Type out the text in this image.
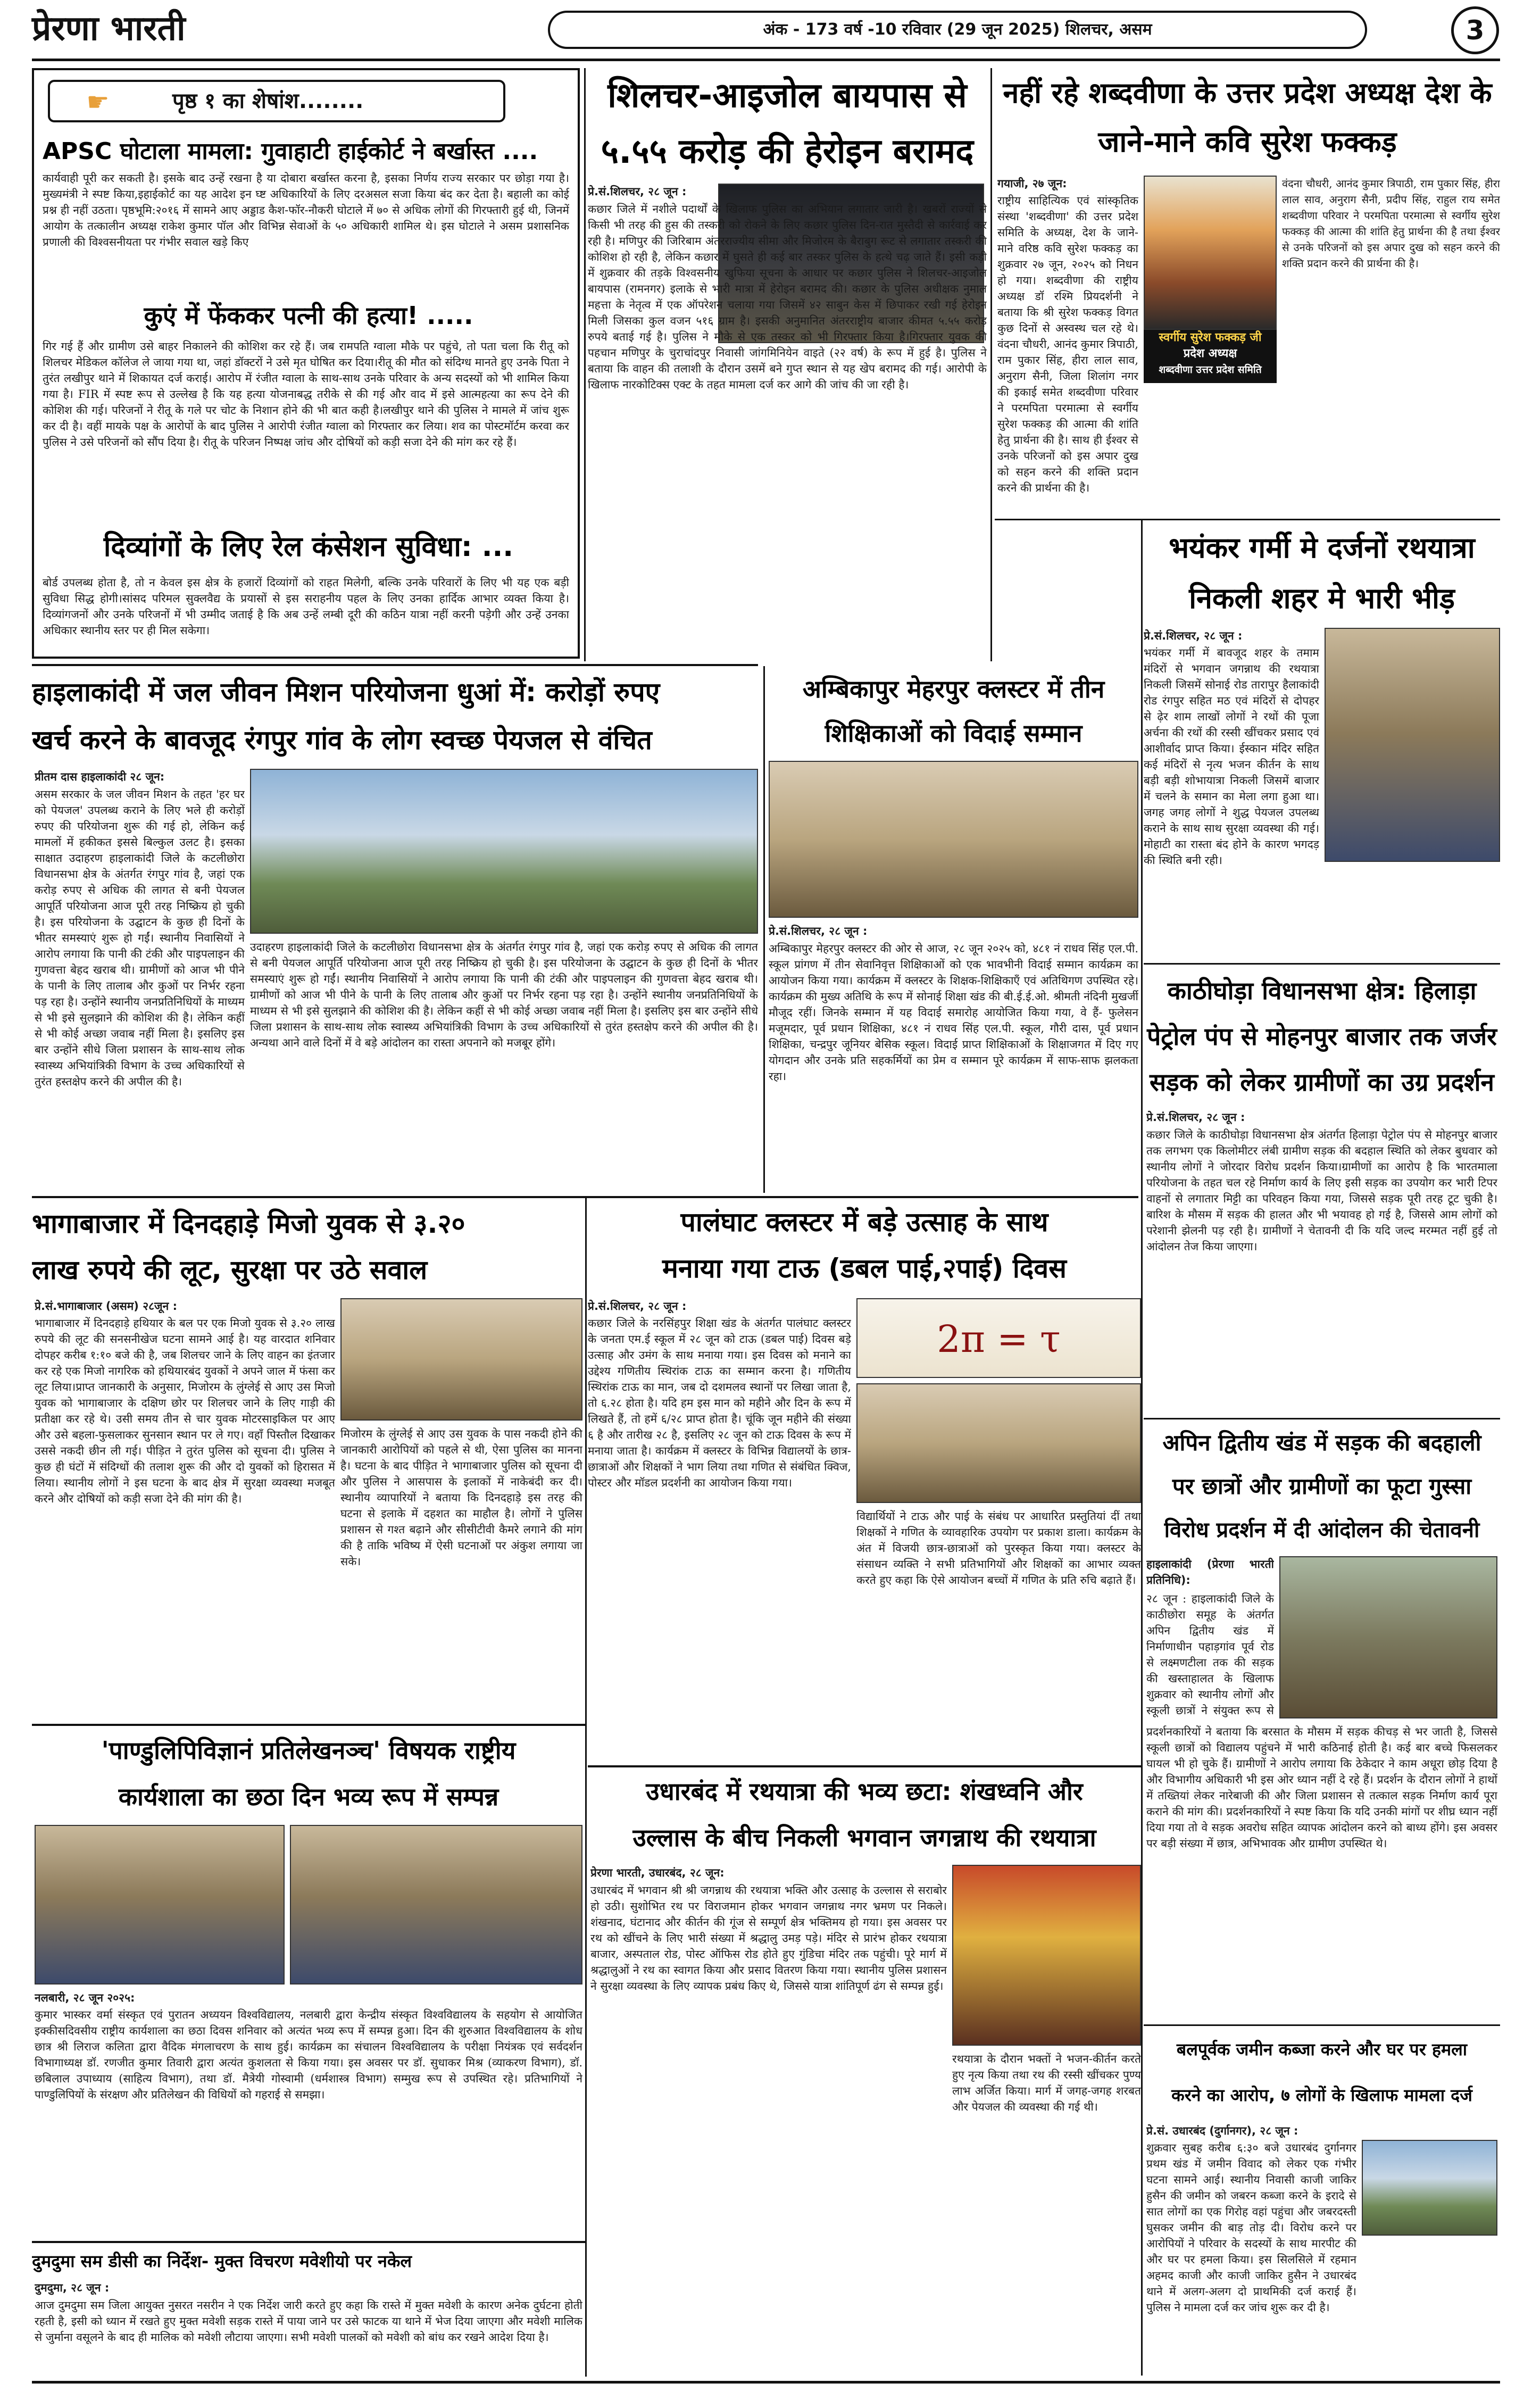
प्रेरणा भारती	अंक - 173 वर्ष -10 रविवार (29 जून 2025) शिलचर, असम	3
☛	पृष्ठ १ का शेषांश........
APSC घोटाला मामला: गुवाहाटी हाईकोर्ट ने बर्खास्त ....
कार्यवाही पूरी कर सकती है। इसके बाद उन्हें रखना है या दोबारा बर्खास्त करना है, इसका निर्णय राज्य सरकार पर छोड़ा गया है।मुख्यमंत्री ने स्पष्ट किया,इहाईकोर्ट का यह आदेश इन घ्ष्ट अधिकारियों के लिए दरअसल सजा किया बंद कर देता है। बहाली का कोई प्रश्न ही नहीं उठता। पृष्ठभूमि:२०१६ में सामने आए अड्डाड कैश-फॉर-नौकरी घोटाले में ७० से अधिक लोगों की गिरफ्तारी हुई थी, जिनमें आयोग के तत्कालीन अध्यक्ष राकेश कुमार पॉल और विभिन्न सेवाओं के ५० अधिकारी शामिल थे। इस घोटाले ने असम प्रशासनिक प्रणाली की विश्वसनीयता पर गंभीर सवाल खड़े किए
कुएं में फेंककर पत्नी की हत्या! .....
गिर गई हैं और ग्रामीण उसे बाहर निकालने की कोशिश कर रहे हैं। जब रामपति ग्वाला मौके पर पहुंचे, तो पता चला कि रीतू को शिलचर मेडिकल कॉलेज ले जाया गया था, जहां डॉक्टरों ने उसे मृत घोषित कर दिया।रीतू की मौत को संदिग्ध मानते हुए उनके पिता ने तुरंत लखीपुर थाने में शिकायत दर्ज कराई। आरोप में रंजीत ग्वाला के साथ-साथ उनके परिवार के अन्य सदस्यों को भी शामिल किया गया है। FIR में स्पष्ट रूप से उल्लेख है कि यह हत्या योजनाबद्ध तरीके से की गई और वाद में इसे आत्महत्या का रूप देने की कोशिश की गई। परिजनों ने रीतू के गले पर चोट के निशान होने की भी बात कही है।लखीपुर थाने की पुलिस ने मामले में जांच शुरू कर दी है। वहीं मायके पक्ष के आरोपों के बाद पुलिस ने आरोपी रंजीत ग्वाला को गिरफ्तार कर लिया। शव का पोस्टमॉर्टम करवा कर पुलिस ने उसे परिजनों को सौंप दिया है। रीतू के परिजन निष्पक्ष जांच और दोषियों को कड़ी सजा देने की मांग कर रहे हैं।
दिव्यांगों के लिए रेल कंसेशन सुविधा: ...
बोर्ड उपलब्ध होता है, तो न केवल इस क्षेत्र के हजारों दिव्यांगों को राहत मिलेगी, बल्कि उनके परिवारों के लिए भी यह एक बड़ी सुविधा सिद्ध होगी।सांसद परिमल सुक्लवैद्य के प्रयासों से इस सराहनीय पहल के लिए उनका हार्दिक आभार व्यक्त किया है। दिव्यांगजनों और उनके परिजनों में भी उम्मीद जताई है कि अब उन्हें लम्बी दूरी की कठिन यात्रा नहीं करनी पड़ेगी और उन्हें उनका अधिकार स्थानीय स्तर पर ही मिल सकेगा।
शिलचर-आइजोल बायपास से
५.५५ करोड़ की हेरोइन बरामद
प्रे.सं.शिलचर, २८ जून :
कछार जिले में नशीले पदार्थों के खिलाफ पुलिस का अभियान लगातार जारी है। खबरों राज्यों से किसी भी तरह की हुस की तस्करी को रोकने के लिए कछार पुलिस दिन-रात मुस्तैदी से कार्रवाई कर रही है। मणिपुर की जिरिबाम अंतरराज्यीय सीमा और मिजोरम के बैराबुग रूट से लगातार तस्करी की कोशिश हो रही है, लेकिन कछार में घुसते ही कई बार तस्कर पुलिस के हत्थे चढ़ जाते हैं। इसी कड़ी में शुक्रवार की तड़के विश्वसनीय खुफिया सूचना के आधार पर कछार पुलिस ने शिलचर-आइजोल बायपास (रामनगर) इलाके से भारी मात्रा में हेरोइन बरामद की। कछार के पुलिस अधीक्षक नुमाल महत्ता के नेतृत्व में एक ऑपरेशन चलाया गया जिसमें ४२ साबुन केस में छिपाकर रखी गई हेरोइन मिली जिसका कुल वजन ५१६ ग्राम है। इसकी अनुमानित अंतरराष्ट्रीय बाजार कीमत ५.५५ करोड़ रुपये बताई गई है। पुलिस ने मौके से एक तस्कर को भी गिरफ्तार किया है।गिरफ्तार युवक की पहचान मणिपुर के चुराचांदपुर निवासी जांगमिनियेन वाइते (२२ वर्ष) के रूप में हुई है। पुलिस ने बताया कि वाहन की तलाशी के दौरान उसमें बने गुप्त स्थान से यह खेप बरामद की गई। आरोपी के खिलाफ नारकोटिक्स एक्ट के तहत मामला दर्ज कर आगे की जांच की जा रही है।
नहीं रहे शब्दवीणा के उत्तर प्रदेश अध्यक्ष देश के
जाने-माने कवि सुरेश फक्कड़
स्वर्गीय सुरेश फक्कड़ जी
प्रदेश अध्यक्ष
शब्दवीणा उत्तर प्रदेश समिति
गयाजी, २७ जून:
राष्ट्रीय साहित्यिक एवं सांस्कृतिक संस्था 'शब्दवीणा' की उत्तर प्रदेश समिति के अध्यक्ष, देश के जाने-माने वरिष्ठ कवि सुरेश फक्कड़ का शुक्रवार २७ जून, २०२५ को निधन हो गया। शब्दवीणा की राष्ट्रीय अध्यक्ष डॉ रश्मि प्रियदर्शनी ने बताया कि श्री सुरेश फक्कड़ विगत कुछ दिनों से अस्वस्थ चल रहे थे। वंदना चौधरी, आनंद कुमार त्रिपाठी, राम पुकार सिंह, हीरा लाल साव, अनुराग सैनी, जिला शिलांग नगर की इकाई समेत शब्दवीणा परिवार ने परमपिता परमात्मा से स्वर्गीय सुरेश फक्कड़ की आत्मा की शांति हेतु प्रार्थना की है। साथ ही ईश्वर से उनके परिजनों को इस अपार दुख को सहन करने की शक्ति प्रदान करने की प्रार्थना की है।
वंदना चौधरी, आनंद कुमार त्रिपाठी, राम पुकार सिंह, हीरा लाल साव, अनुराग सैनी, प्रदीप सिंह, राहुल राय समेत शब्दवीणा परिवार ने परमपिता परमात्मा से स्वर्गीय सुरेश फक्कड़ की आत्मा की शांति हेतु प्रार्थना की है तथा ईश्वर से उनके परिजनों को इस अपार दुख को सहन करने की शक्ति प्रदान करने की प्रार्थना की है।
भयंकर गर्मी मे दर्जनों रथयात्रा
निकली शहर मे भारी भीड़
प्रे.सं.शिलचर, २८ जून :
भयंकर गर्मी में बावजूद शहर के तमाम मंदिरों से भगवान जगन्नाथ की रथयात्रा निकली जिसमें सोनाई रोड तारापुर हैलाकांदी रोड रंगपुर सहित मठ एवं मंदिरों से दोपहर से ढ़ेर शाम लाखों लोगों ने रथों की पूजा अर्चना की रथों की रस्सी खींचकर प्रसाद एवं आशीर्वाद प्राप्त किया। ईस्कान मंदिर सहित कई मंदिरों से नृत्य भजन कीर्तन के साथ बड़ी बड़ी शोभायात्रा निकली जिसमें बाजार में चलने के समान का मेला लगा हुआ था। जगह जगह लोगों ने शुद्ध पेयजल उपलब्ध कराने के साथ साथ सुरक्षा व्यवस्था की गई। मोहाटी का रास्ता बंद होने के कारण भगदड़ की स्थिति बनी रही।
हाइलाकांदी में जल जीवन मिशन परियोजना धुआं में: करोड़ों रुपए
खर्च करने के बावजूद रंगपुर गांव के लोग स्वच्छ पेयजल से वंचित
प्रीतम दास हाइलाकांदी २८ जून:
असम सरकार के जल जीवन मिशन के तहत 'हर घर को पेयजल' उपलब्ध कराने के लिए भले ही करोड़ों रुपए की परियोजना शुरू की गई हो, लेकिन कई मामलों में हकीकत इससे बिल्कुल उलट है। इसका साक्षात उदाहरण हाइलाकांदी जिले के कटलीछोरा विधानसभा क्षेत्र के अंतर्गत रंगपुर गांव है, जहां एक करोड़ रुपए से अधिक की लागत से बनी पेयजल आपूर्ति परियोजना आज पूरी तरह निष्क्रिय हो चुकी है। इस परियोजना के उद्घाटन के कुछ ही दिनों के भीतर समस्याएं शुरू हो गईं। स्थानीय निवासियों ने आरोप लगाया कि पानी की टंकी और पाइपलाइन की गुणवत्ता बेहद खराब थी। ग्रामीणों को आज भी पीने के पानी के लिए तालाब और कुओं पर निर्भर रहना पड़ रहा है। उन्होंने स्थानीय जनप्रतिनिधियों के माध्यम से भी इसे सुलझाने की कोशिश की है। लेकिन कहीं से भी कोई अच्छा जवाब नहीं मिला है। इसलिए इस बार उन्होंने सीधे जिला प्रशासन के साथ-साथ लोक स्वास्थ्य अभियांत्रिकी विभाग के उच्च अधिकारियों से तुरंत हस्तक्षेप करने की अपील की है।
उदाहरण हाइलाकांदी जिले के कटलीछोरा विधानसभा क्षेत्र के अंतर्गत रंगपुर गांव है, जहां एक करोड़ रुपए से अधिक की लागत से बनी पेयजल आपूर्ति परियोजना आज पूरी तरह निष्क्रिय हो चुकी है। इस परियोजना के उद्घाटन के कुछ ही दिनों के भीतर समस्याएं शुरू हो गईं। स्थानीय निवासियों ने आरोप लगाया कि पानी की टंकी और पाइपलाइन की गुणवत्ता बेहद खराब थी। ग्रामीणों को आज भी पीने के पानी के लिए तालाब और कुओं पर निर्भर रहना पड़ रहा है। उन्होंने स्थानीय जनप्रतिनिधियों के माध्यम से भी इसे सुलझाने की कोशिश की है। लेकिन कहीं से भी कोई अच्छा जवाब नहीं मिला है। इसलिए इस बार उन्होंने सीधे जिला प्रशासन के साथ-साथ लोक स्वास्थ्य अभियांत्रिकी विभाग के उच्च अधिकारियों से तुरंत हस्तक्षेप करने की अपील की है। अन्यथा आने वाले दिनों में वे बड़े आंदोलन का रास्ता अपनाने को मजबूर होंगे।
अम्बिकापुर मेहरपुर क्लस्टर में तीन
शिक्षिकाओं को विदाई सम्मान
प्रे.सं.शिलचर, २८ जून :
अम्बिकापुर मेहरपुर क्लस्टर की ओर से आज, २८ जून २०२५ को, ४८१ नं राधव सिंह एल.पी. स्कूल प्रांगण में तीन सेवानिवृत्त शिक्षिकाओं को एक भावभीनी विदाई सम्मान कार्यक्रम का आयोजन किया गया। कार्यक्रम में क्लस्टर के शिक्षक-शिक्षिकाएँ एवं अतिथिगण उपस्थित रहे। कार्यक्रम की मुख्य अतिथि के रूप में सोनाई शिक्षा खंड की बी.ई.ई.ओ. श्रीमती नंदिनी मुखर्जी मौजूद रहीं। जिनके सम्मान में यह विदाई समारोह आयोजित किया गया, वे हैं- फुलेसन मजूमदार, पूर्व प्रधान शिक्षिका, ४८१ नं राधव सिंह एल.पी. स्कूल, गौरी दास, पूर्व प्रधान शिक्षिका, चन्द्रपुर जूनियर बेसिक स्कूल। विदाई प्राप्त शिक्षिकाओं के शिक्षाजगत में दिए गए योगदान और उनके प्रति सहकर्मियों का प्रेम व सम्मान पूरे कार्यक्रम में साफ-साफ झलकता रहा।
काठीघोड़ा विधानसभा क्षेत्र: हिलाड़ा
पेट्रोल पंप से मोहनपुर बाजार तक जर्जर
सड़क को लेकर ग्रामीणों का उग्र प्रदर्शन
प्रे.सं.शिलचर, २८ जून :
कछार जिले के काठीघोड़ा विधानसभा क्षेत्र अंतर्गत हिलाड़ा पेट्रोल पंप से मोहनपुर बाजार तक लगभग एक किलोमीटर लंबी ग्रामीण सड़क की बदहाल स्थिति को लेकर बुधवार को स्थानीय लोगों ने जोरदार विरोध प्रदर्शन किया।ग्रामीणों का आरोप है कि भारतमाला परियोजना के तहत चल रहे निर्माण कार्य के लिए इसी सड़क का उपयोग कर भारी टिपर वाहनों से लगातार मिट्टी का परिवहन किया गया, जिससे सड़क पूरी तरह टूट चुकी है। बारिश के मौसम में सड़क की हालत और भी भयावह हो गई है, जिससे आम लोगों को परेशानी झेलनी पड़ रही है। ग्रामीणों ने चेतावनी दी कि यदि जल्द मरम्मत नहीं हुई तो आंदोलन तेज किया जाएगा।
भागाबाजार में दिनदहाड़े मिजो युवक से ३.२०
लाख रुपये की लूट, सुरक्षा पर उठे सवाल
प्रे.सं.भागाबाजार (असम) २८जून :
भागाबाजार में दिनदहाड़े हथियार के बल पर एक मिजो युवक से ३.२० लाख रुपये की लूट की सनसनीखेज घटना सामने आई है। यह वारदात शनिवार दोपहर करीब १:१० बजे की है, जब शिलचर जाने के लिए वाहन का इंतजार कर रहे एक मिजो नागरिक को हथियारबंद युवकों ने अपने जाल में फंसा कर लूट लिया।प्राप्त जानकारी के अनुसार, मिजोरम के लुंग्लेई से आए उस मिजो युवक को भागाबाजार के दक्षिण छोर पर शिलचर जाने के लिए गाड़ी की प्रतीक्षा कर रहे थे। उसी समय तीन से चार युवक मोटरसाइकिल पर आए और उसे बहला-फुसलाकर सुनसान स्थान पर ले गए। वहाँ पिस्तौल दिखाकर उससे नकदी छीन ली गई। पीड़ित ने तुरंत पुलिस को सूचना दी। पुलिस ने कुछ ही घंटों में संदिग्धों की तलाश शुरू की और दो युवकों को हिरासत में लिया। स्थानीय लोगों ने इस घटना के बाद क्षेत्र में सुरक्षा व्यवस्था मजबूत करने और दोषियों को कड़ी सजा देने की मांग की है।
मिजोरम के लुंग्लेई से आए उस युवक के पास नकदी होने की जानकारी आरोपियों को पहले से थी, ऐसा पुलिस का मानना है। घटना के बाद पीड़ित ने भागाबाजार पुलिस को सूचना दी और पुलिस ने आसपास के इलाकों में नाकेबंदी कर दी। स्थानीय व्यापारियों ने बताया कि दिनदहाड़े इस तरह की घटना से इलाके में दहशत का माहौल है। लोगों ने पुलिस प्रशासन से गश्त बढ़ाने और सीसीटीवी कैमरे लगाने की मांग की है ताकि भविष्य में ऐसी घटनाओं पर अंकुश लगाया जा सके।
पालंघाट क्लस्टर में बड़े उत्साह के साथ
मनाया गया टाऊ (डबल पाई,२पाई) दिवस
प्रे.सं.शिलचर, २८ जून :
2π = τ
कछार जिले के नरसिंहपुर शिक्षा खंड के अंतर्गत पालंघाट क्लस्टर के जनता एम.ई स्कूल में २८ जून को टाऊ (डबल पाई) दिवस बड़े उत्साह और उमंग के साथ मनाया गया। इस दिवस को मनाने का उद्देश्य गणितीय स्थिरांक टाऊ का सम्मान करना है। गणितीय स्थिरांक टाऊ का मान, जब दो दशमलव स्थानों पर लिखा जाता है, तो ६.२८ होता है। यदि हम इस मान को महीने और दिन के रूप में लिखते हैं, तो हमें ६/२८ प्राप्त होता है। चूंकि जून महीने की संख्या ६ है और तारीख २८ है, इसलिए २८ जून को टाऊ दिवस के रूप में मनाया जाता है। कार्यक्रम में क्लस्टर के विभिन्न विद्यालयों के छात्र-छात्राओं और शिक्षकों ने भाग लिया तथा गणित से संबंधित क्विज, पोस्टर और मॉडल प्रदर्शनी का आयोजन किया गया।
विद्यार्थियों ने टाऊ और पाई के संबंध पर आधारित प्रस्तुतियां दीं तथा शिक्षकों ने गणित के व्यावहारिक उपयोग पर प्रकाश डाला। कार्यक्रम के अंत में विजयी छात्र-छात्राओं को पुरस्कृत किया गया। क्लस्टर के संसाधन व्यक्ति ने सभी प्रतिभागियों और शिक्षकों का आभार व्यक्त करते हुए कहा कि ऐसे आयोजन बच्चों में गणित के प्रति रुचि बढ़ाते हैं।
अपिन द्वितीय खंड में सड़क की बदहाली
पर छात्रों और ग्रामीणों का फूटा गुस्सा
विरोध प्रदर्शन में दी आंदोलन की चेतावनी
हाइलाकांदी (प्रेरणा भारती प्रतिनिधि):
२८ जून : हाइलाकांदी जिले के काठीछोरा समूह के अंतर्गत अपिन द्वितीय खंड में निर्माणाधीन पहाड़गांव पूर्व रोड से लक्ष्मणटीला तक की सड़क की खस्ताहालत के खिलाफ शुक्रवार को स्थानीय लोगों और स्कूली छात्रों ने संयुक्त रूप से
प्रदर्शनकारियों ने बताया कि बरसात के मौसम में सड़क कीचड़ से भर जाती है, जिससे स्कूली छात्रों को विद्यालय पहुंचने में भारी कठिनाई होती है। कई बार बच्चे फिसलकर घायल भी हो चुके हैं। ग्रामीणों ने आरोप लगाया कि ठेकेदार ने काम अधूरा छोड़ दिया है और विभागीय अधिकारी भी इस ओर ध्यान नहीं दे रहे हैं। प्रदर्शन के दौरान लोगों ने हाथों में तख्तियां लेकर नारेबाजी की और जिला प्रशासन से तत्काल सड़क निर्माण कार्य पूरा कराने की मांग की। प्रदर्शनकारियों ने स्पष्ट किया कि यदि उनकी मांगों पर शीघ्र ध्यान नहीं दिया गया तो वे सड़क अवरोध सहित व्यापक आंदोलन करने को बाध्य होंगे। इस अवसर पर बड़ी संख्या में छात्र, अभिभावक और ग्रामीण उपस्थित थे।
'पाण्डुलिपिविज्ञानं प्रतिलेखनञ्च' विषयक राष्ट्रीय
कार्यशाला का छठा दिन भव्य रूप में सम्पन्न
नलबारी, २८ जून २०२५:
कुमार भास्कर वर्मा संस्कृत एवं पुरातन अध्ययन विश्वविद्यालय, नलबारी द्वारा केन्द्रीय संस्कृत विश्वविद्यालय के सहयोग से आयोजित इक्कीसदिवसीय राष्ट्रीय कार्यशाला का छठा दिवस शनिवार को अत्यंत भव्य रूप में सम्पन्न हुआ। दिन की शुरुआत विश्वविद्यालय के शोध छात्र श्री लिराज कलिता द्वारा वैदिक मंगलाचरण के साथ हुई। कार्यक्रम का संचालन विश्वविद्यालय के परीक्षा नियंत्रक एवं सर्वदर्शन विभागाध्यक्ष डॉ. रणजीत कुमार तिवारी द्वारा अत्यंत कुशलता से किया गया। इस अवसर पर डॉ. सुधाकर मिश्र (व्याकरण विभाग), डॉ. छबिलाल उपाध्याय (साहित्य विभाग), तथा डॉ. मैत्रेयी गोस्वामी (धर्मशास्त्र विभाग) सम्मुख रूप से उपस्थित रहे। प्रतिभागियों ने पाण्डुलिपियों के संरक्षण और प्रतिलेखन की विधियों को गहराई से समझा।
उधारबंद में रथयात्रा की भव्य छटा: शंखध्वनि और
उल्लास के बीच निकली भगवान जगन्नाथ की रथयात्रा
प्रेरणा भारती, उधारबंद, २८ जून:
उधारबंद में भगवान श्री श्री जगन्नाथ की रथयात्रा भक्ति और उत्साह के उल्लास से सराबोर हो उठी। सुशोभित रथ पर विराजमान होकर भगवान जगन्नाथ नगर भ्रमण पर निकले। शंखनाद, घंटानाद और कीर्तन की गूंज से सम्पूर्ण क्षेत्र भक्तिमय हो गया। इस अवसर पर रथ को खींचने के लिए भारी संख्या में श्रद्धालु उमड़ पड़े। मंदिर से प्रारंभ होकर रथयात्रा बाजार, अस्पताल रोड, पोस्ट ऑफिस रोड होते हुए गुंडिचा मंदिर तक पहुंची। पूरे मार्ग में श्रद्धालुओं ने रथ का स्वागत किया और प्रसाद वितरण किया गया। स्थानीय पुलिस प्रशासन ने सुरक्षा व्यवस्था के लिए व्यापक प्रबंध किए थे, जिससे यात्रा शांतिपूर्ण ढंग से सम्पन्न हुई।
रथयात्रा के दौरान भक्तों ने भजन-कीर्तन करते हुए नृत्य किया तथा रथ की रस्सी खींचकर पुण्य लाभ अर्जित किया। मार्ग में जगह-जगह शरबत और पेयजल की व्यवस्था की गई थी।
बलपूर्वक जमीन कब्जा करने और घर पर हमला
करने का आरोप, ७ लोगों के खिलाफ मामला दर्ज
प्रे.सं. उधारबंद (दुर्गानगर), २८ जून :
शुक्रवार सुबह करीब ६:३० बजे उधारबंद दुर्गानगर प्रथम खंड में जमीन विवाद को लेकर एक गंभीर घटना सामने आई। स्थानीय निवासी काजी जाकिर हुसैन की जमीन को जबरन कब्जा करने के इरादे से सात लोगों का एक गिरोह वहां पहुंचा और जबरदस्ती घुसकर जमीन की बाड़ तोड़ दी। विरोध करने पर आरोपियों ने परिवार के सदस्यों के साथ मारपीट की और घर पर हमला किया। इस सिलसिले में रहमान अहमद काजी और काजी जाकिर हुसैन ने उधारबंद थाने में अलग-अलग दो प्राथमिकी दर्ज कराई हैं। पुलिस ने मामला दर्ज कर जांच शुरू कर दी है।
दुमदुमा सम डीसी का निर्देश- मुक्त विचरण मवेशीयो पर नकेल
दुमदुमा, २८ जून :
आज दुमदुमा सम जिला आयुक्त नुसरत नसरीन ने एक निर्देश जारी करते हुए कहा कि रास्ते में मुक्त मवेशी के कारण अनेक दुर्घटना होती रहती है, इसी को ध्यान में रखते हुए मुक्त मवेशी सड़क रास्ते में पाया जाने पर उसे फाटक या थाने में भेज दिया जाएगा और मवेशी मालिक से जुर्माना वसूलने के बाद ही मालिक को मवेशी लौटाया जाएगा। सभी मवेशी पालकों को मवेशी को बांध कर रखने आदेश दिया है।
